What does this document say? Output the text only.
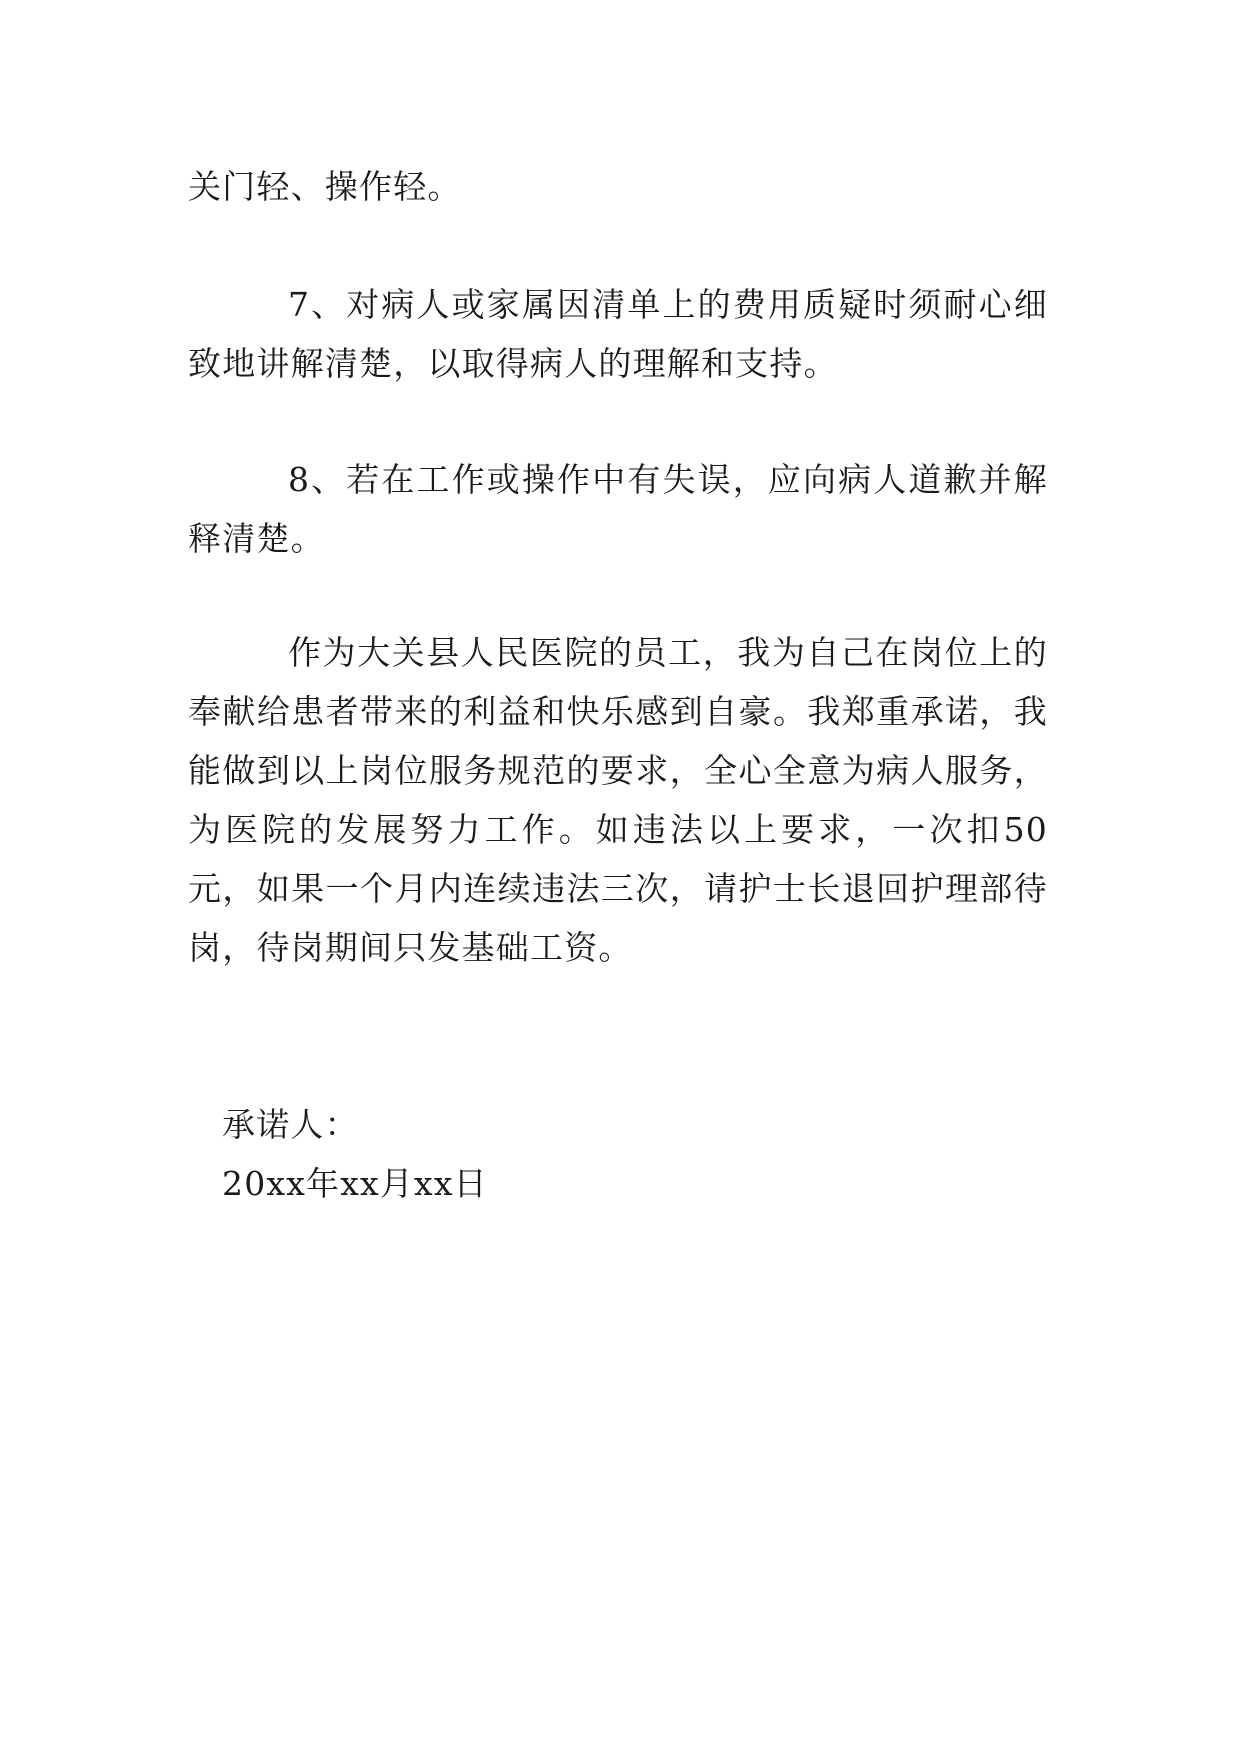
关门轻、操作轻。

7、对病人或家属因清单上的费用质疑时须耐心细致地讲解清楚，以取得病人的理解和支持。

8、若在工作或操作中有失误，应向病人道歉并解释清楚。

作为大关县人民医院的员工，我为自己在岗位上的奉献给患者带来的利益和快乐感到自豪。我郑重承诺，我能做到以上岗位服务规范的要求，全心全意为病人服务，为医院的发展努力工作。如违法以上要求，一次扣50元，如果一个月内连续违法三次，请护士长退回护理部待岗，待岗期间只发基础工资。

承诺人：

20xx年xx月xx日
